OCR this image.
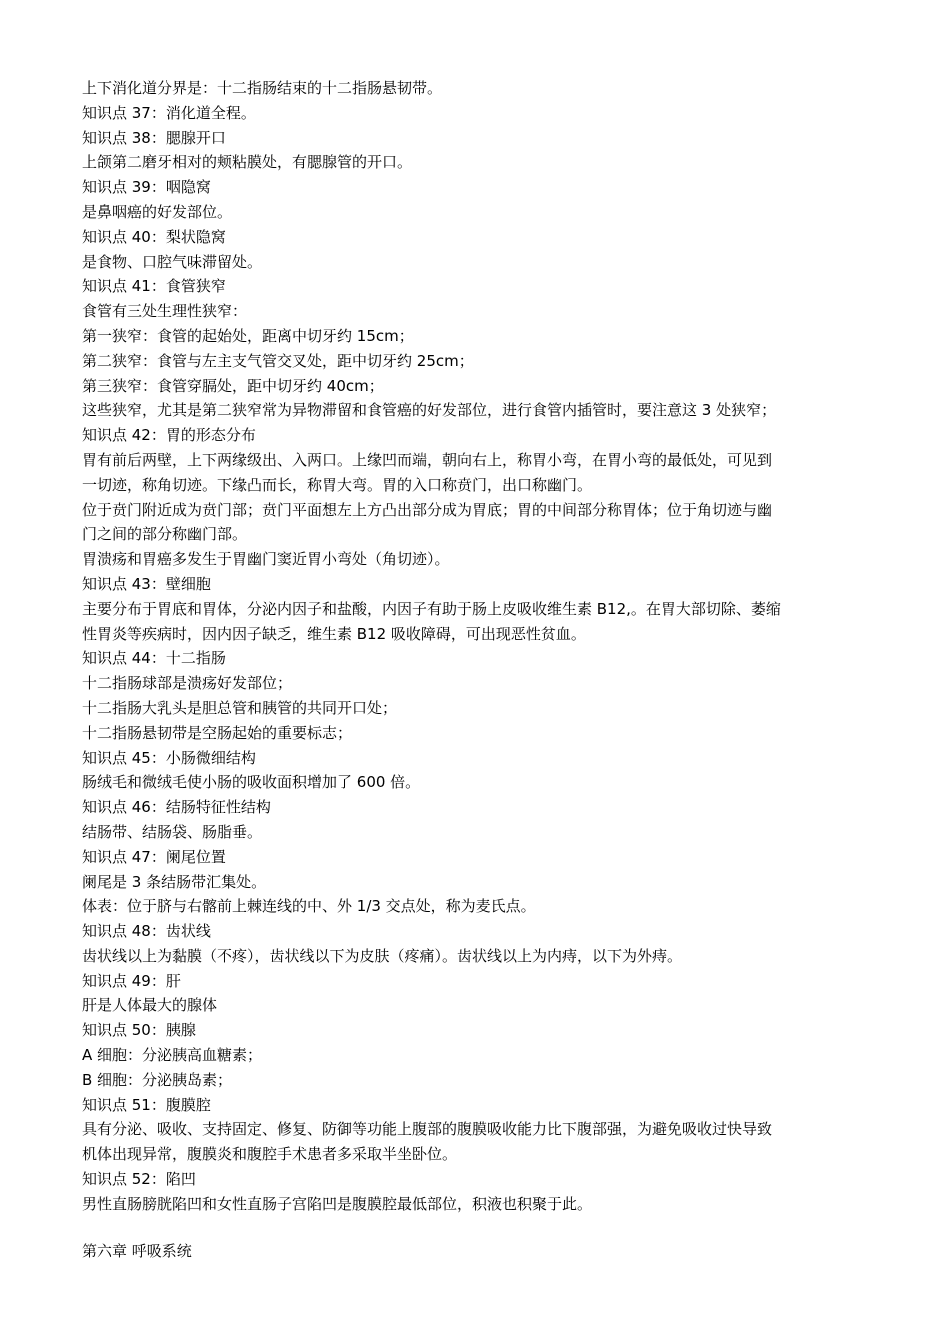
上下消化道分界是：十二指肠结束的十二指肠悬韧带。
知识点 37：消化道全程。
知识点 38：腮腺开口
上颌第二磨牙相对的颊粘膜处，有腮腺管的开口。
知识点 39：咽隐窝
是鼻咽癌的好发部位。
知识点 40：梨状隐窝
是食物、口腔气味滞留处。
知识点 41：食管狭窄
食管有三处生理性狭窄：
第一狭窄：食管的起始处，距离中切牙约 15cm；
第二狭窄：食管与左主支气管交叉处，距中切牙约 25cm；
第三狭窄：食管穿膈处，距中切牙约 40cm；
这些狭窄，尤其是第二狭窄常为异物滞留和食管癌的好发部位，进行食管内插管时，要注意这 3 处狭窄；
知识点 42：胃的形态分布
胃有前后两壁，上下两缘级出、入两口。上缘凹而端，朝向右上，称胃小弯，在胃小弯的最低处，可见到
一切迹，称角切迹。下缘凸而长，称胃大弯。胃的入口称贲门，出口称幽门。
位于贲门附近成为贲门部；贲门平面想左上方凸出部分成为胃底；胃的中间部分称胃体；位于角切迹与幽
门之间的部分称幽门部。
胃溃疡和胃癌多发生于胃幽门窦近胃小弯处（角切迹）。
知识点 43：壁细胞
主要分布于胃底和胃体，分泌内因子和盐酸，内因子有助于肠上皮吸收维生素 B12,。在胃大部切除、萎缩
性胃炎等疾病时，因内因子缺乏，维生素 B12 吸收障碍，可出现恶性贫血。
知识点 44：十二指肠
十二指肠球部是溃疡好发部位；
十二指肠大乳头是胆总管和胰管的共同开口处；
十二指肠悬韧带是空肠起始的重要标志；
知识点 45：小肠微细结构
肠绒毛和微绒毛使小肠的吸收面积增加了 600 倍。
知识点 46：结肠特征性结构
结肠带、结肠袋、肠脂垂。
知识点 47：阑尾位置
阑尾是 3 条结肠带汇集处。
体表：位于脐与右髂前上棘连线的中、外 1/3 交点处，称为麦氏点。
知识点 48：齿状线
齿状线以上为黏膜（不疼），齿状线以下为皮肤（疼痛）。齿状线以上为内痔，以下为外痔。
知识点 49：肝
肝是人体最大的腺体
知识点 50：胰腺
A 细胞：分泌胰高血糖素；
B 细胞：分泌胰岛素；
知识点 51：腹膜腔
具有分泌、吸收、支持固定、修复、防御等功能上腹部的腹膜吸收能力比下腹部强，为避免吸收过快导致
机体出现异常，腹膜炎和腹腔手术患者多采取半坐卧位。
知识点 52：陷凹
男性直肠膀胱陷凹和女性直肠子宫陷凹是腹膜腔最低部位，积液也积聚于此。
第六章 呼吸系统
